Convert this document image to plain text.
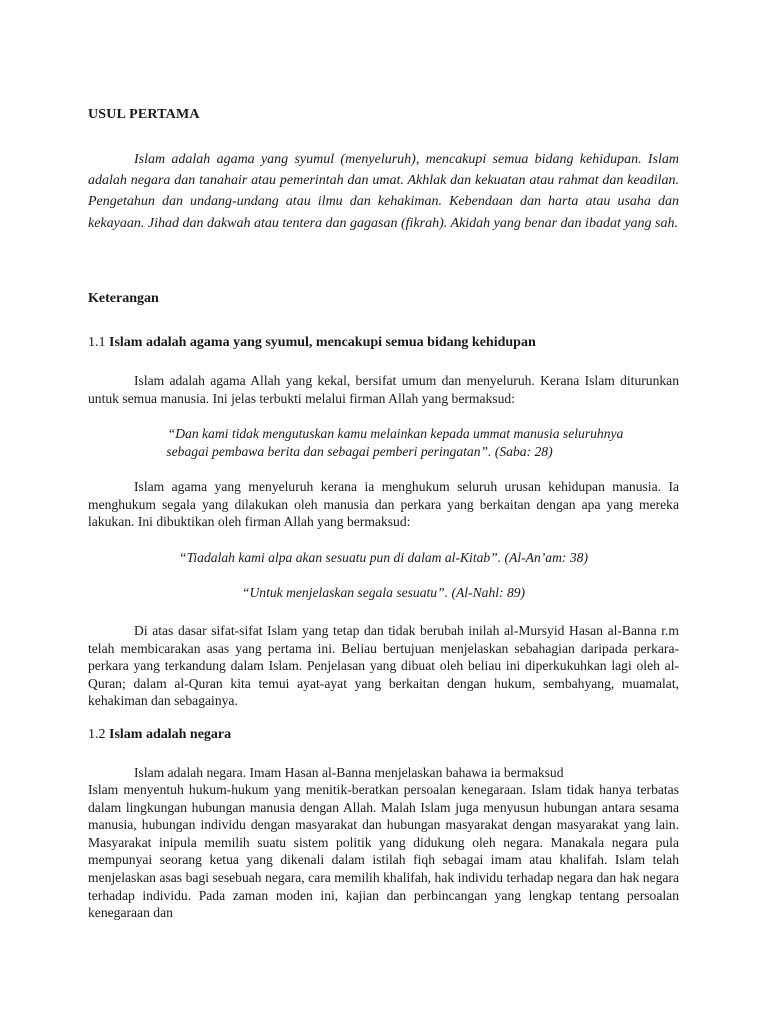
USUL PERTAMA

Islam adalah agama yang syumul (menyeluruh), mencakupi semua bidang kehidupan. Islam adalah negara dan tanahair atau pemerintah dan umat. Akhlak dan kekuatan atau rahmat dan keadilan. Pengetahun dan undang-undang atau ilmu dan kehakiman. Kebendaan dan harta atau usaha dan kekayaan. Jihad dan dakwah atau tentera dan gagasan (fikrah). Akidah yang benar dan ibadat yang sah.

Keterangan
1.1 Islam adalah agama yang syumul, mencakupi semua bidang kehidupan

Islam adalah agama Allah yang kekal, bersifat umum dan menyeluruh. Kerana Islam diturunkan untuk semua manusia. Ini jelas terbukti melalui firman Allah yang bermaksud:

“Dan kami tidak mengutuskan kamu melainkan kepada ummat manusia seluruhnya

sebagai pembawa berita dan sebagai pemberi peringatan”. (Saba: 28)

Islam agama yang menyeluruh kerana ia menghukum seluruh urusan kehidupan manusia. Ia menghukum segala yang dilakukan oleh manusia dan perkara yang berkaitan dengan apa yang mereka lakukan. Ini dibuktikan oleh firman Allah yang bermaksud:

“Tiadalah kami alpa akan sesuatu pun di dalam al-Kitab”. (Al-An’am: 38)

“Untuk menjelaskan segala sesuatu”. (Al-Nahl: 89)

Di atas dasar sifat-sifat Islam yang tetap dan tidak berubah inilah al-Mursyid Hasan al-Banna r.m telah membicarakan asas yang pertama ini. Beliau bertujuan menjelaskan sebahagian daripada perkara-perkara yang terkandung dalam Islam. Penjelasan yang dibuat oleh beliau ini diperkukuhkan lagi oleh al-Quran; dalam al-Quran kita temui ayat-ayat yang berkaitan dengan hukum, sembahyang, muamalat, kehakiman dan sebagainya.

1.2 Islam adalah negara

Islam adalah negara. Imam Hasan al-Banna menjelaskan bahawa ia bermaksud

Islam menyentuh hukum-hukum yang menitik-beratkan persoalan kenegaraan. Islam tidak hanya terbatas dalam lingkungan hubungan manusia dengan Allah. Malah Islam juga menyusun hubungan antara sesama manusia, hubungan individu dengan masyarakat dan hubungan masyarakat dengan masyarakat yang lain. Masyarakat inipula memilih suatu sistem politik yang didukung oleh negara. Manakala negara pula mempunyai seorang ketua yang dikenali dalam istilah fiqh sebagai imam atau khalifah. Islam telah menjelaskan asas bagi sesebuah negara, cara memilih khalifah, hak individu terhadap negara dan hak negara terhadap individu. Pada zaman moden ini, kajian dan perbincangan yang lengkap tentang persoalan kenegaraan dan
